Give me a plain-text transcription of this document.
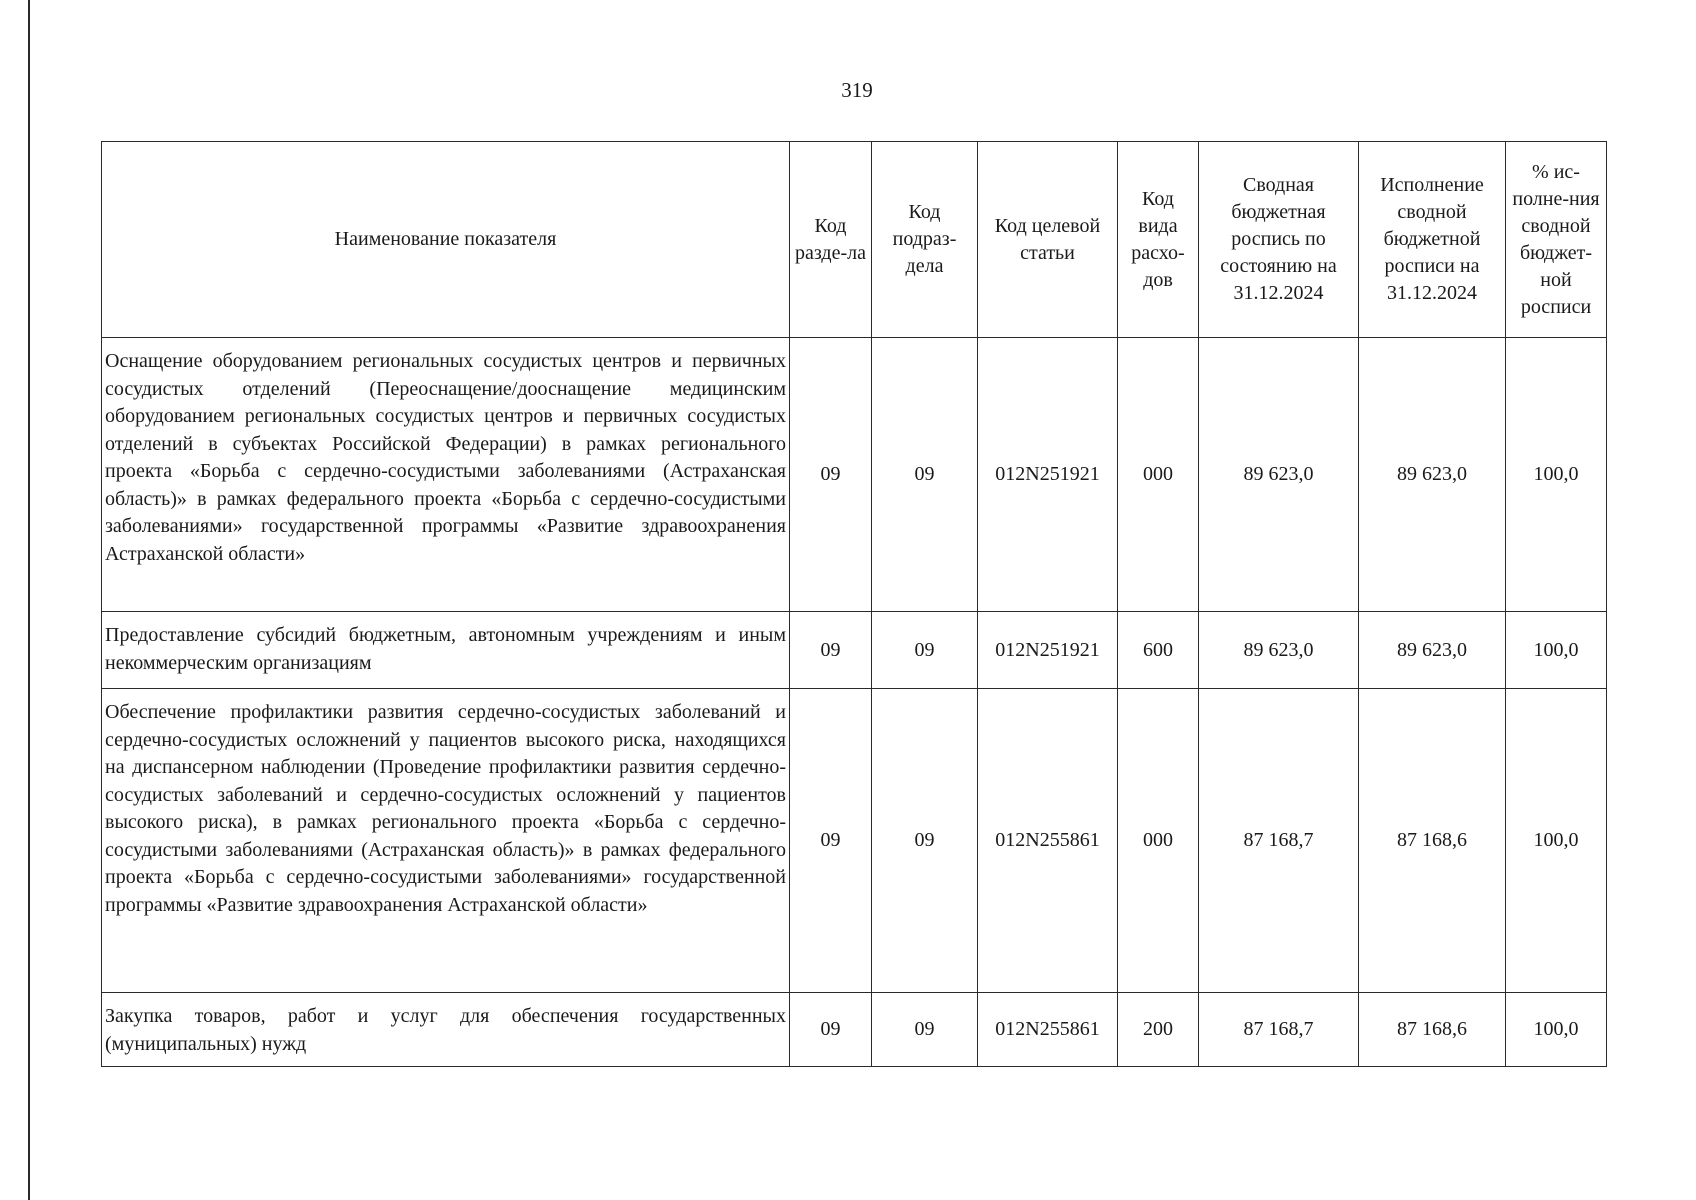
319
Наименование показателя	Код разде-ла	Код подраз-дела	Код целевой статьи	Код вида расхо-дов	Сводная бюджетная роспись по состоянию на 31.12.2024	Исполнение сводной бюджетной росписи на 31.12.2024	% ис-полне-ния сводной бюджет-ной росписи
Оснащение оборудованием региональных сосудистых центров и первичных сосудистых отделений (Переоснащение/дооснащение медицинским оборудованием региональных сосудистых центров и первичных сосудистых отделений в субъектах Российской Федерации) в рамках регионального проекта «Борьба с сердечно-сосудистыми заболеваниями (Астраханская область)» в рамках федерального проекта «Борьба с сердечно-сосудистыми заболеваниями» государственной программы «Развитие здравоохранения Астраханской области»	09	09	012N251921	000	89 623,0	89 623,0	100,0
Предоставление субсидий бюджетным, автономным учреждениям и иным некоммерческим организациям	09	09	012N251921	600	89 623,0	89 623,0	100,0
Обеспечение профилактики развития сердечно-сосудистых заболеваний и сердечно-сосудистых осложнений у пациентов высокого риска, находящихся на диспансерном наблюдении (Проведение профилактики развития сердечно-сосудистых заболеваний и сердечно-сосудистых осложнений у пациентов высокого риска), в рамках регионального проекта «Борьба с сердечно-сосудистыми заболеваниями (Астраханская область)» в рамках федерального проекта «Борьба с сердечно-сосудистыми заболеваниями» государственной программы «Развитие здравоохранения Астраханской области»	09	09	012N255861	000	87 168,7	87 168,6	100,0
Закупка товаров, работ и услуг для обеспечения государственных (муниципальных) нужд	09	09	012N255861	200	87 168,7	87 168,6	100,0
